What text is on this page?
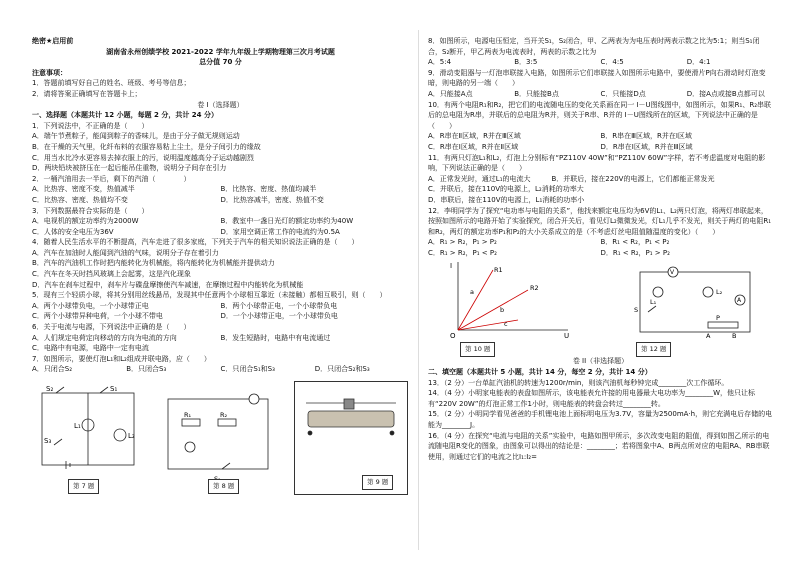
绝密★启用前
湖南省永州创绩学校 2021-2022 学年九年级上学期物理第三次月考试题
总分值 70 分
注意事项：
1．答题前填写好自己的姓名、班级、考号等信息；
2．请将答案正确填写在答题卡上；
卷 I（选择题）
一、选择题（本题共计 12 小题，每题 2 分，共计 24 分）
1．下列说法中，不正确的是（　　）
A．端午节煮粽子，能闻到粽子的香味儿，是由于分子做无规则运动
B．在干燥的天气里，化纤布料的衣服容易粘上尘土，是分子间引力的缘故
C．用当水比冷水更容易去掉衣服上的污，说明温度越高分子运动越剧烈
D．两块铅块被挤压在一起后能吊住重物，说明分子间存在引力
2．一桶汽油用去一半后，剩下的汽油（　　　　）
A．比热容、密度不变，热值减半	B．比热容、密度、热值均减半
C．比热容、密度、热值均不变	D．比热容减半，密度、热值不变
3．下列数据最符合实际的是（　　）
A．电视机的额定功率约为2000W	B．教室中一盏日光灯的额定功率约为40W
C．人体的安全电压为36V	D．家用空调正常工作的电流约为0.5A
4．随着人民生活水平的不断提高，汽车走进了很多家庭，下列关于汽车的相关知识说法正确的是（　　）
A．汽车在加油时人能闻到汽油的气味，说明分子存在着引力
B．汽车的汽油机工作时把内能转化为机械能，将内能转化为机械能并提供动力
C．汽车在冬天时挡风玻璃上会起雾，这是汽化现象
D．汽车在刹车过程中，刹车片与碟盘摩擦使汽车减速，在摩擦过程中内能转化为机械能
5．现有三个轻质小球，将其分别用丝线悬吊，发现其中任意两个小球相互靠近（未接触）都相互吸引，则（　　）
A．两个小球带负电，一个小球带正电	B．两个小球带正电，一个小球带负电
C．两个小球带异种电荷，一个小球不带电	D．一个小球带正电，一个小球带负电
6．关于电流与电源，下列说法中正确的是（　　）
A．人们规定电荷定向移动的方向为电流的方向	B．发生短路时，电路中有电流通过
C．电路中有电源，电路中一定有电流
7．如图所示，要使灯泡L₁和L₂组成并联电路，应（　　）
A．只闭合S₂	B．只闭合S₃	C．只闭合S₁和S₃	D．只闭合S₂和S₃
S₂	S₁
S₃
L₁
L₂
第 7 题
R₁	R₂
第 8 题	第 9 题
8．如图所示，电源电压恒定，当开关S₁，S₂闭合，甲、乙两表为为电压表时两表示数之比为5:1；则当S₁闭合，S₂断开，甲乙两表为电流表时，两表的示数之比为
A．5:4	B．3:5	C．4:5	D．4:1
9．滑动变阻器与一灯泡串联接入电路，如图所示它们串联接入如图所示电路中，要使滑片P向右滑动时灯泡变暗，则电路的另一端（　　）
A．只能接A点	B．只能接B点	C．只能接D点	D．接A点或接B点都可以
10．有两个电阻R₁和R₂，把它们的电流随电压的变化关系画在同一 I－U图线图中，如图所示，如果R₁、R₂串联后的总电阻为R串，并联后的总电阻为R并，则关于R串、R并的 I－U图线所在的区域，下列说法中正确的是（　　）
A．R串在Ⅱ区域，R并在Ⅲ区域	B．R串在Ⅲ区域，R并在Ⅰ区域
C．R串在Ⅰ区域，R并在Ⅱ区域	D．R串在Ⅰ区域，R并在Ⅲ区域
11．有两只灯泡L₁和L₂，灯泡上分别标有“PZ110V 40W”和“PZ110V 60W”字样，若不考虑温度对电阻的影响，下列说法正确的是（　　）
A．正常发光时，通过L₁的电流大　　　B．并联后，接在220V的电源上，它们都能正常发光
C．并联后，接在110V的电源上，L₂消耗的功率大
D．串联后，接在110V的电源上，L₁消耗的功率小
12．李明同学为了探究“电功率与电阻的关系”，他找来额定电压均为6V的L₁、L₂两只灯泡，将两灯串联起来，按照如图所示的电路开始了实验探究，闭合开关后，看见灯L₂微微发光，灯L₁几乎不发光，则关于两灯的电阻R₁和R₂，两灯的额定功率P₁和P₂的大小关系成立的是（不考虑灯丝电阻值随温度的变化）（　　）
A．R₁ > R₂，P₁ > P₂	B．R₁ < R₂，P₁ < P₂
C．R₁ > R₂，P₁ < P₂	D．R₁ < R₂，P₁ > P₂
I
U
O
R1
R2
a
b
c
第 10 题
V
A
L₁
L₂
S
P
A	B
第 12 题
卷 II（非选择题）
二、填空题（本题共计 5 小题，共计 14 分，每空 2 分，共计 14 分）
13．（2 分）一台单缸汽油机的转速为1200r/min，则该汽油机每秒钟完成________次工作循环。
14．（4 分）小明家电能表的表盘如图所示，该电能表允许接的用电器最大电功率为________W，他只让标有“220V 20W”的灯泡正常工作1小时，则电能表的转盘会转过________转。
15．（2 分）小明同学看见爸爸的手机锂电池上面标明电压为3.7V，容量为2500mA·h，则它充满电后存储的电能为________J。
16．（4 分）在探究“电流与电阻的关系”实验中，电路如图甲所示，多次改变电阻的阻值，得到如图乙所示的电流随电阻R变化的图象，由图象可以得出的结论是：________；若将图象中A、B两点所对应的电阻RA、RB串联使用，则通过它们的电流之比I₁:I₂=
